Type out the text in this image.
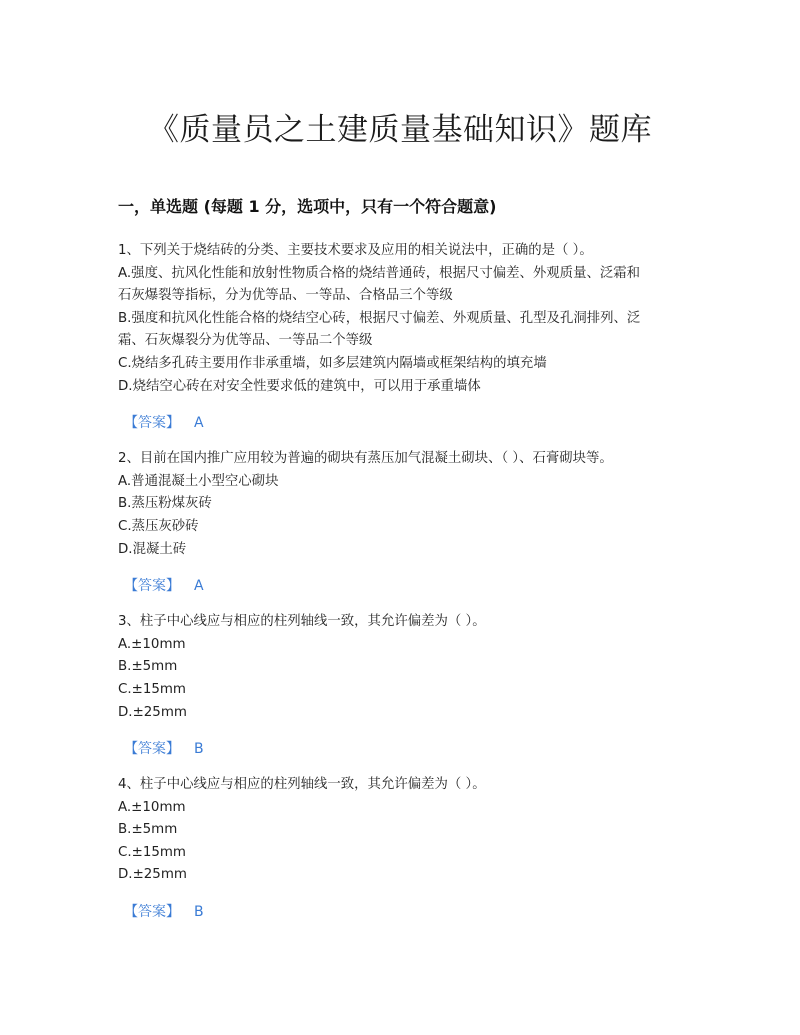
《质量员之土建质量基础知识》题库
一，单选题 (每题 1 分，选项中，只有一个符合题意)
1、下列关于烧结砖的分类、主要技术要求及应用的相关说法中，正确的是（ ）。
A.强度、抗风化性能和放射性物质合格的烧结普通砖，根据尺寸偏差、外观质量、泛霜和
石灰爆裂等指标，分为优等品、一等品、合格品三个等级
B.强度和抗风化性能合格的烧结空心砖，根据尺寸偏差、外观质量、孔型及孔洞排列、泛
霜、石灰爆裂分为优等品、一等品二个等级
C.烧结多孔砖主要用作非承重墙，如多层建筑内隔墙或框架结构的填充墙
D.烧结空心砖在对安全性要求低的建筑中，可以用于承重墙体
【答案】 A
2、目前在国内推广应用较为普遍的砌块有蒸压加气混凝土砌块、（ ）、石膏砌块等。
A.普通混凝土小型空心砌块
B.蒸压粉煤灰砖
C.蒸压灰砂砖
D.混凝土砖
【答案】 A
3、柱子中心线应与相应的柱列轴线一致，其允许偏差为（ ）。
A.±10mm
B.±5mm
C.±15mm
D.±25mm
【答案】 B
4、柱子中心线应与相应的柱列轴线一致，其允许偏差为（ ）。
A.±10mm
B.±5mm
C.±15mm
D.±25mm
【答案】 B
